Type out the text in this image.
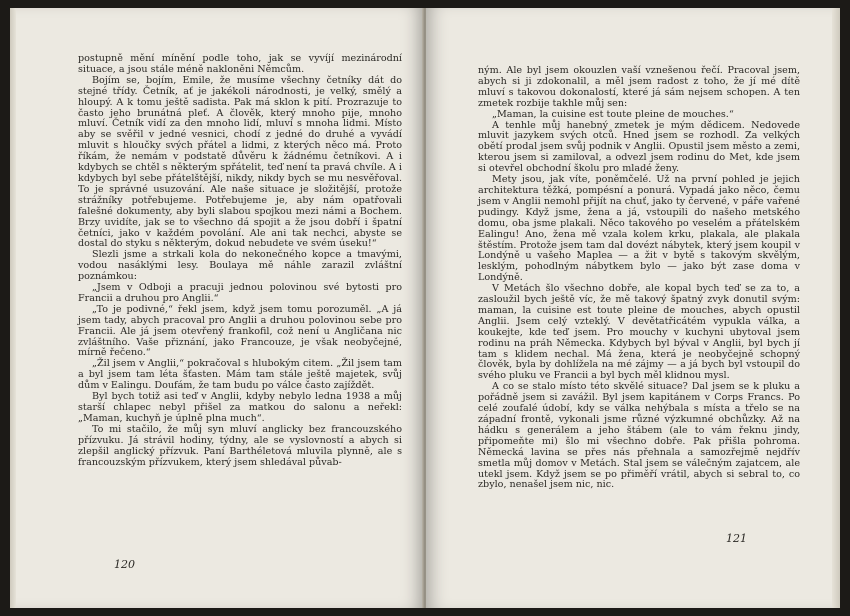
postupně mění mínění podle toho, jak se vyvíjí mezinárodní situace, a jsou stále méně nakloněni Němcům.

Bojím se, bojím, Emile, že musíme všechny četníky dát do stejné třídy. Četník, ať je jakékoli národnosti, je velký, smělý a hloupý. A k tomu ještě sadista. Pak má sklon k pití. Prozrazuje to často jeho brunátná pleť. A člověk, který mnoho pije, mnoho mluví. Četník vidí za den mnoho lidí, mluví s mnoha lidmi. Místo aby se svěřil v jedné vesnici, chodí z jedné do druhé a vyvádí mluvit s hloučky svých přátel a lidmi, z kterých něco má. Proto říkám, že nemám v podstatě důvěru k žádnému četníkovi. A i kdybych se chtěl s některým spřátelit, teď není ta pravá chvíle. A i kdybych byl sebe přátelštější, nikdy, nikdy bych se mu nesvěřoval. To je správné usuzování. Ale naše situace je složitější, protože strážníky potřebujeme. Potřebujeme je, aby nám opatřovali falešné dokumenty, aby byli slabou spojkou mezi námi a Bochem. Brzy uvidíte, jak se to všechno dá spojit a že jsou dobří i špatní četníci, jako v každém povolání. Ale ani tak nechci, abyste se dostal do styku s některým, dokud nebudete ve svém úseku!“

Slezli jsme a strkali kola do nekonečného kopce a tmavými, vodou nasáklými lesy. Boulaya mě náhle zarazil zvláštní poznámkou:

„Jsem v Odboji a pracuji jednou polovinou své bytosti pro Francii a druhou pro Anglii.“

„To je podivné,“ řekl jsem, když jsem tomu porozuměl. „A já jsem tady, abych pracoval pro Anglii a druhou polovinou sebe pro Francii. Ale já jsem otevřený frankofil, což není u Angličana nic zvláštního. Vaše přiznání, jako Francouze, je však neobyčejné, mírně řečeno.“

„Žil jsem v Anglii,“ pokračoval s hlubokým citem. „Žil jsem tam a byl jsem tam léta šťasten. Mám tam stále ještě majetek, svůj dům v Ealingu. Doufám, že tam budu po válce často zajíždět.

Byl bych totiž asi teď v Anglii, kdyby nebylo ledna 1938 a můj starší chlapec nebyl přišel za matkou do salonu a neřekl: „Maman, kuchyň je úplně plna much“.

To mi stačilo, že můj syn mluví anglicky bez francouzského přízvuku. Já strávil hodiny, týdny, ale se vyslovností a abych si zlepšil anglický přízvuk. Paní Barthéletová mluvila plynně, ale s francouzským přízvukem, který jsem shledával půvab-

120

ným. Ale byl jsem okouzlen vaší vznešenou řečí. Pracoval jsem, abych si ji zdokonalil, a měl jsem radost z toho, že jí mé dítě mluví s takovou dokonalostí, které já sám nejsem schopen. A ten zmetek rozbije takhle můj sen:

„Maman, la cuisine est toute pleine de mouches.“

A tenhle můj hanebný zmetek je mým dědicem. Nedovede mluvit jazykem svých otců. Hned jsem se rozhodl. Za velkých obětí prodal jsem svůj podnik v Anglii. Opustil jsem město a zemi, kterou jsem si zamiloval, a odvezl jsem rodinu do Met, kde jsem si otevřel obchodní školu pro mladé ženy.

Mety jsou, jak víte, poněmčelé. Už na první pohled je jejich architektura těžká, pompésní a ponurá. Vypadá jako něco, čemu jsem v Anglii nemohl přijít na chuť, jako ty červené, v páře vařené pudingy. Když jsme, žena a já, vstoupili do našeho metského domu, oba jsme plakali. Něco takového po veselém a přátelském Ealingu! Ano, žena mě vzala kolem krku, plakala, ale plakala štěstím. Protože jsem tam dal dovézt nábytek, který jsem koupil v Londýně u vašeho Maplea — a žit v bytě s takovým skvělým, lesklým, pohodlným nábytkem bylo — jako být zase doma v Londýně.

V Metách šlo všechno dobře, ale kopal bych teď se za to, a zasloužil bych ještě víc, že mě takový špatný zvyk donutil svým: maman, la cuisine est toute pleine de mouches, abych opustil Anglii. Jsem celý vzteklý. V devětatřicátém vypukla válka, a koukejte, kde teď jsem. Pro mouchy v kuchyni ubytoval jsem rodinu na práh Německa. Kdybych byl býval v Anglii, byl bych jí tam s klidem nechal. Má žena, která je neobyčejně schopný člověk, byla by dohlížela na mé zájmy — a já bych byl vstoupil do svého pluku ve Francii a byl bych měl klidnou mysl.

A co se stalo místo této skvělé situace? Dal jsem se k pluku a pořádně jsem si zavážil. Byl jsem kapitánem v Corps Francs. Po celé zoufalé údobí, kdy se válka nehýbala s místa a třelo se na západní frontě, vykonali jsme různé výzkumné obchůzky. Až na hádku s generálem a jeho štábem (ale to vám řeknu jindy, připomeňte mi) šlo mi všechno dobře. Pak přišla pohroma. Německá lavina se přes nás přehnala a samozřejmě nejdřív smetla můj domov v Metách. Stal jsem se válečným zajatcem, ale utekl jsem. Když jsem se po přiměří vrátil, abych si sebral to, co zbylo, nenašel jsem nic, nic.

121
